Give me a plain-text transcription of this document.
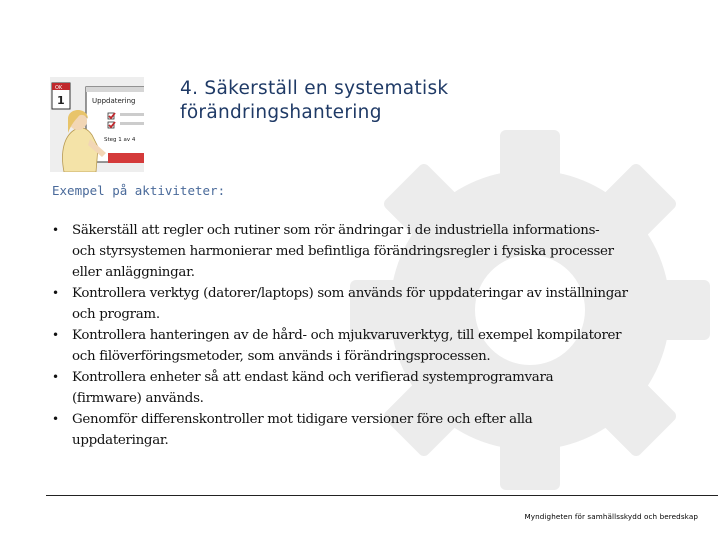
Uppdatering
Steg 1 av 4
OK
1
4. Säkerställ en systematisk
förändringshantering
Exempel på aktiviteter:
• Säkerställ att regler och rutiner som rör ändringar i de industriella informations-
och styrsystemen harmonierar med befintliga förändringsregler i fysiska processer
eller anläggningar.
• Kontrollera verktyg (datorer/laptops) som används för uppdateringar av inställningar
och program.
• Kontrollera hanteringen av de hård- och mjukvaruverktyg, till exempel kompilatorer
och filöverföringsmetoder, som används i förändringsprocessen.
• Kontrollera enheter så att endast känd och verifierad systemprogramvara
(firmware) används.
• Genomför differenskontroller mot tidigare versioner före och efter alla
uppdateringar.
Myndigheten för samhällsskydd och beredskap
